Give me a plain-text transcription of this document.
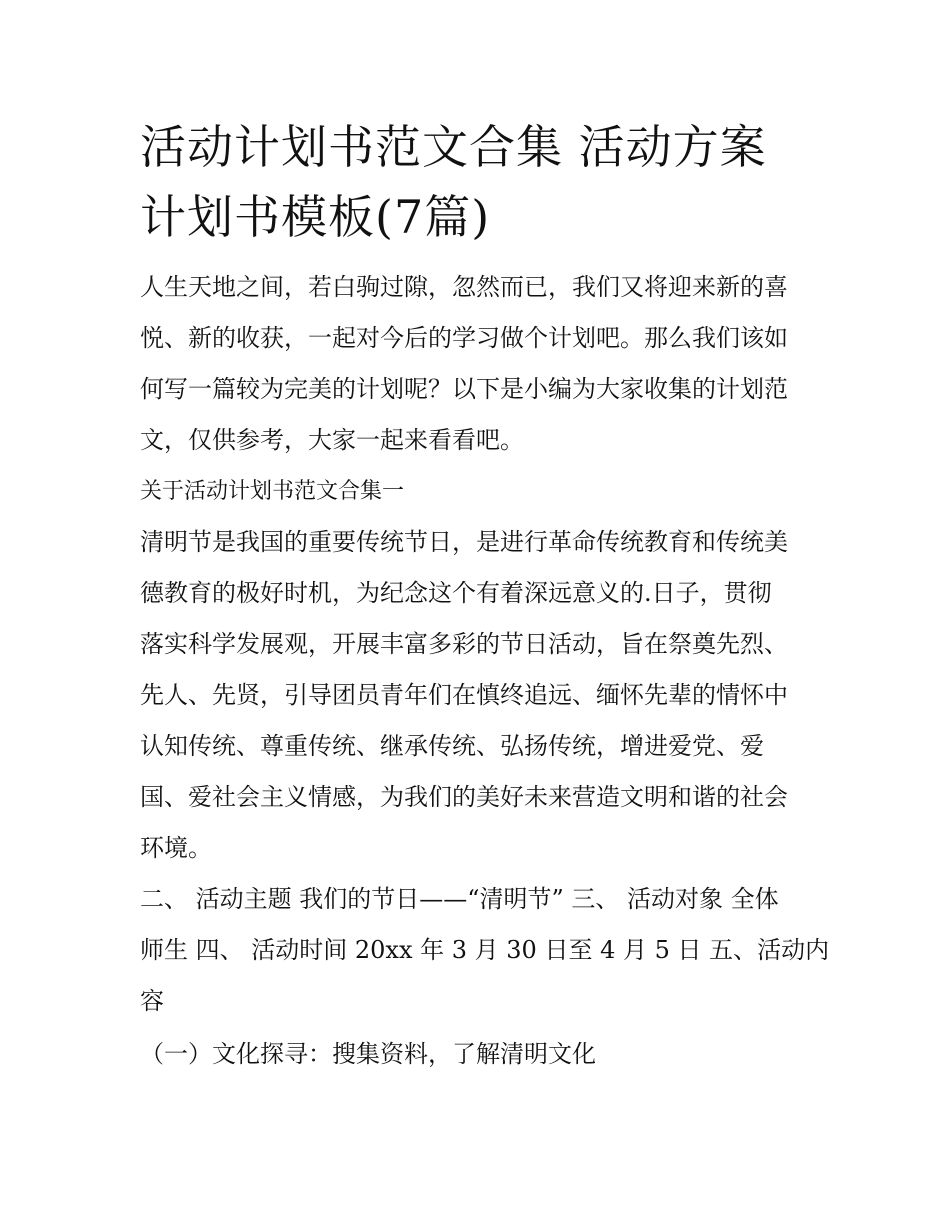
活动计划书范文合集 活动方案
计划书模板(7篇)

人生天地之间，若白驹过隙，忽然而已，我们又将迎来新的喜
悦、新的收获，一起对今后的学习做个计划吧。那么我们该如
何写一篇较为完美的计划呢？以下是小编为大家收集的计划范
文，仅供参考，大家一起来看看吧。

关于活动计划书范文合集一

清明节是我国的重要传统节日，是进行革命传统教育和传统美
德教育的极好时机，为纪念这个有着深远意义的.日子，贯彻
落实科学发展观，开展丰富多彩的节日活动，旨在祭奠先烈、
先人、先贤，引导团员青年们在慎终追远、缅怀先辈的情怀中
认知传统、尊重传统、继承传统、弘扬传统，增进爱党、爱
国、爱社会主义情感，为我们的美好未来营造文明和谐的社会
环境。

二、 活动主题 我们的节日——“清明节” 三、 活动对象 全体
师生 四、 活动时间 20xx 年 3 月 30 日至 4 月 5 日 五、活动内
容

（一）文化探寻：搜集资料，了解清明文化
